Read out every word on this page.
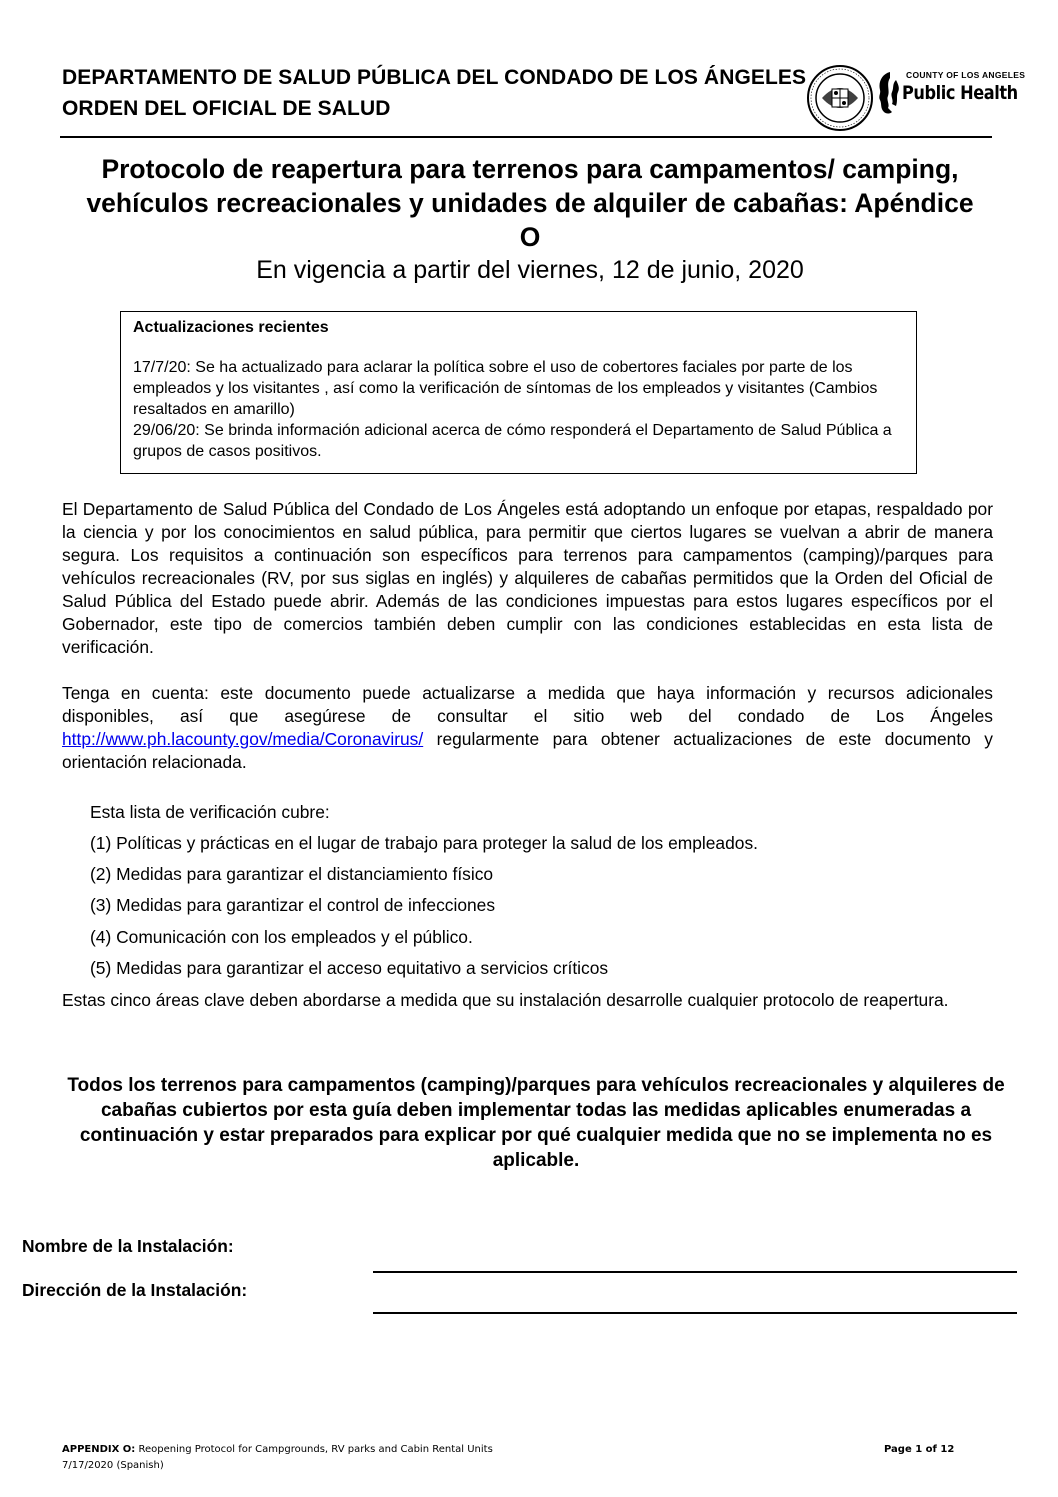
DEPARTAMENTO DE SALUD PÚBLICA DEL CONDADO DE LOS ÁNGELES
ORDEN DEL OFICIAL DE SALUD
COUNTY OF LOS ANGELES
Public Health
Protocolo de reapertura para terrenos para campamentos/ camping, vehículos recreacionales y unidades de alquiler de cabañas: Apéndice O
En vigencia a partir del viernes, 12 de junio, 2020
Actualizaciones recientes
17/7/20: Se ha actualizado para aclarar la política sobre el uso de cobertores faciales por parte de los empleados y los visitantes , así como la verificación de síntomas de los empleados y visitantes (Cambios resaltados en amarillo)
29/06/20: Se brinda información adicional acerca de cómo responderá el Departamento de Salud Pública a grupos de casos positivos.
El Departamento de Salud Pública del Condado de Los Ángeles está adoptando un enfoque por etapas, respaldado por la ciencia y por los conocimientos en salud pública, para permitir que ciertos lugares se vuelvan a abrir de manera segura. Los requisitos a continuación son específicos para terrenos para campamentos (camping)/parques para vehículos recreacionales (RV, por sus siglas en inglés) y alquileres de cabañas permitidos que la Orden del Oficial de Salud Pública del Estado puede abrir. Además de las condiciones impuestas para estos lugares específicos por el Gobernador, este tipo de comercios también deben cumplir con las condiciones establecidas en esta lista de verificación.
Tenga en cuenta: este documento puede actualizarse a medida que haya información y recursos adicionales disponibles, así que asegúrese de consultar el sitio web del condado de Los Ángeles http://www.ph.lacounty.gov/media/Coronavirus/ regularmente para obtener actualizaciones de este documento y orientación relacionada.
Esta lista de verificación cubre:
(1) Políticas y prácticas en el lugar de trabajo para proteger la salud de los empleados.
(2) Medidas para garantizar el distanciamiento físico
(3) Medidas para garantizar el control de infecciones
(4) Comunicación con los empleados y el público.
(5) Medidas para garantizar el acceso equitativo a servicios críticos
Estas cinco áreas clave deben abordarse a medida que su instalación desarrolle cualquier protocolo de reapertura.
Todos los terrenos para campamentos (camping)/parques para vehículos recreacionales y alquileres de cabañas cubiertos por esta guía deben implementar todas las medidas aplicables enumeradas a continuación y estar preparados para explicar por qué cualquier medida que no se implementa no es aplicable.
Nombre de la Instalación:
Dirección de la Instalación:
APPENDIX O: Reopening Protocol for Campgrounds, RV parks and Cabin Rental Units
7/17/2020 (Spanish)
Page 1 of 12
